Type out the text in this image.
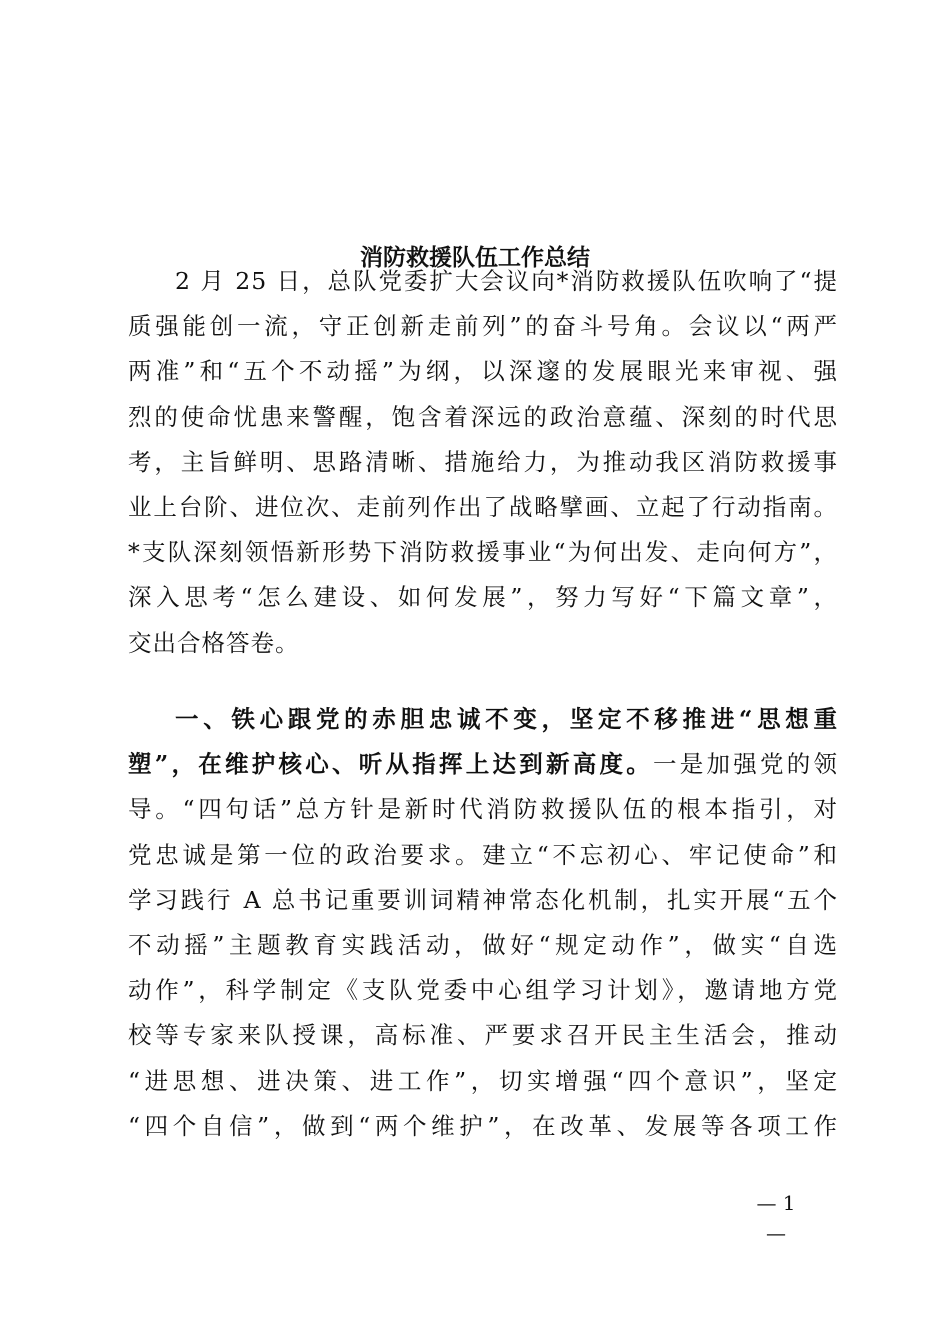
消防救援队伍工作总结
2 月 25 日，总队党委扩大会议向*消防救援队伍吹响了“提
质强能创一流，守正创新走前列”的奋斗号角。会议以“两严
两准”和“五个不动摇”为纲，以深邃的发展眼光来审视、强
烈的使命忧患来警醒，饱含着深远的政治意蕴、深刻的时代思
考，主旨鲜明、思路清晰、措施给力，为推动我区消防救援事
业上台阶、进位次、走前列作出了战略擘画、立起了行动指南。
*支队深刻领悟新形势下消防救援事业“为何出发、走向何方”，
深入思考“怎么建设、如何发展”，努力写好“下篇文章”，
交出合格答卷。
一、铁心跟党的赤胆忠诚不变，坚定不移推进“思想重
塑”，在维护核心、听从指挥上达到新高度。一是加强党的领
导。“四句话”总方针是新时代消防救援队伍的根本指引，对
党忠诚是第一位的政治要求。建立“不忘初心、牢记使命”和
学习践行 A 总书记重要训词精神常态化机制，扎实开展“五个
不动摇”主题教育实践活动，做好“规定动作”，做实“自选
动作”，科学制定《支队党委中心组学习计划》，邀请地方党
校等专家来队授课，高标准、严要求召开民主生活会，推动
“进思想、进决策、进工作”，切实增强“四个意识”，坚定
“四个自信”，做到“两个维护”，在改革、发展等各项工作
— 1 —
